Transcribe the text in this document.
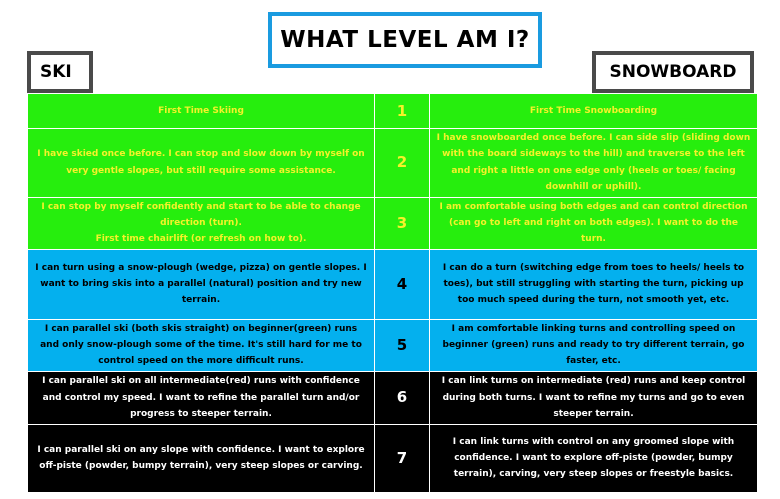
WHAT LEVEL AM I?
SKI	SNOWBOARD
First Time Skiing	1	First Time Snowboarding
I have skied once before. I can stop and slow down by myself on very gentle slopes, but still require some assistance.	2	I have snowboarded once before. I can side slip (sliding down with the board sideways to the hill) and traverse to the left and right a little on one edge only (heels or toes/ facing downhill or uphill).
I can stop by myself confidently and start to be able to change direction (turn).
First time chairlift (or refresh on how to).	3	I am comfortable using both edges and can control direction (can go to left and right on both edges). I want to do the turn.
I can turn using a snow-plough (wedge, pizza) on gentle slopes. I want to bring skis into a parallel (natural) position and try new terrain.	4	I can do a turn (switching edge from toes to heels/ heels to toes), but still struggling with starting the turn, picking up too much speed during the turn, not smooth yet, etc.
I can parallel ski (both skis straight) on beginner(green) runs and only snow-plough some of the time. It's still hard for me to control speed on the more difficult runs.	5	I am comfortable linking turns and controlling speed on beginner (green) runs and ready to try different terrain, go faster, etc.
I can parallel ski on all intermediate(red) runs with confidence and control my speed. I want to refine the parallel turn and/or progress to steeper terrain.	6	I can link turns on intermediate (red) runs and keep control during both turns. I want to refine my turns and go to even steeper terrain.
I can parallel ski on any slope with confidence. I want to explore off-piste (powder, bumpy terrain), very steep slopes or carving.	7	I can link turns with control on any groomed slope with confidence. I want to explore off-piste (powder, bumpy terrain), carving, very steep slopes or freestyle basics.
